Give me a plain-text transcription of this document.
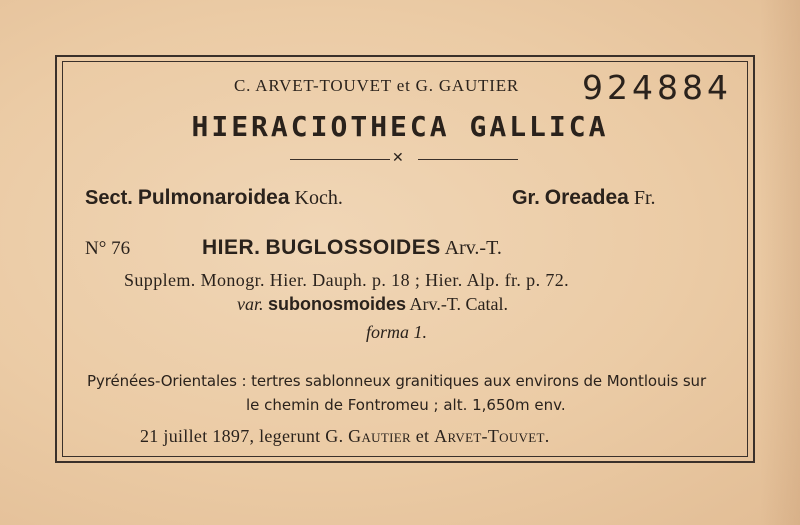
C. ARVET-TOUVET et G. GAUTIER 924884
HIERACIOTHECA GALLICA
✕
Sect. Pulmonaroidea Koch.	Gr. Oreadea Fr.
N° 76	HIER. BUGLOSSOIDES Arv.-T.
Supplem. Monogr. Hier. Dauph. p. 18 ; Hier. Alp. fr. p. 72.
var. subonosmoides Arv.-T. Catal.
forma 1.
Pyrénées-Orientales : tertres sablonneux granitiques aux environs de Montlouis sur
le chemin de Fontromeu ; alt. 1,650m env.
21 juillet 1897, legerunt G. Gautier et Arvet-Touvet.
